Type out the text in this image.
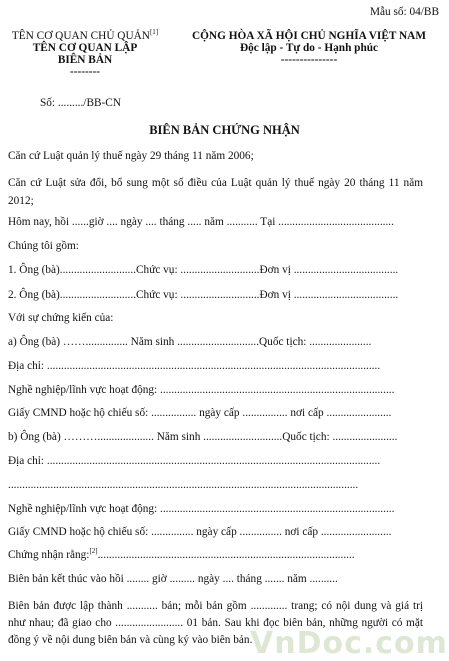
Mẫu số: 04/BB
TÊN CƠ QUAN CHỦ QUẢN[1]
TÊN CƠ QUAN LẬP
BIÊN BẢN
--------
CỘNG HÒA XÃ HỘI CHỦ NGHĨA VIỆT NAM
Độc lập - Tự do - Hạnh phúc
---------------
Số: ........./BB-CN
BIÊN BẢN CHỨNG NHẬN
Căn cứ Luật quản lý thuế ngày 29 tháng 11 năm 2006;
Căn cứ Luật sửa đổi, bổ sung một số điều của Luật quản lý thuế ngày 20 tháng 11 năm 2012;
Hôm nay, hồi ......giờ .... ngày .... tháng ..... năm ........... Tại .........................................
Chúng tôi gồm:
1. Ông (bà)...........................Chức vụ: ............................Đơn vị .....................................
2. Ông (bà)...........................Chức vụ: ............................Đơn vị .....................................
Với sự chứng kiến của:
a) Ông (bà) ……............... Năm sinh .............................Quốc tịch: ......................
Địa chỉ: ......................................................................................................................
Nghề nghiệp/lĩnh vực hoạt động: ...................................................................................
Giấy CMND hoặc hộ chiếu số: ................ ngày cấp ................ nơi cấp .......................
b) Ông (bà) ……….................... Năm sinh ............................Quốc tịch: .......................
Địa chỉ: ......................................................................................................................
............................................................................................................................
Nghề nghiệp/lĩnh vực hoạt động: ...................................................................................
Giấy CMND hoặc hộ chiếu số: ............... ngày cấp ............... nơi cấp .........................
Chứng nhận rằng:[2]...........................................................................................
Biên bản kết thúc vào hồi ........ giờ ......... ngày .... tháng ....... năm ..........
Biên bản được lập thành ........... bản; mỗi bản gồm ............. trang; có nội dung và giá trị như nhau; đã giao cho ........................ 01 bản. Sau khi đọc biên bản, những người có mặt đồng ý về nội dung biên bản và cùng ký vào biên bản.
VnDoc.com
